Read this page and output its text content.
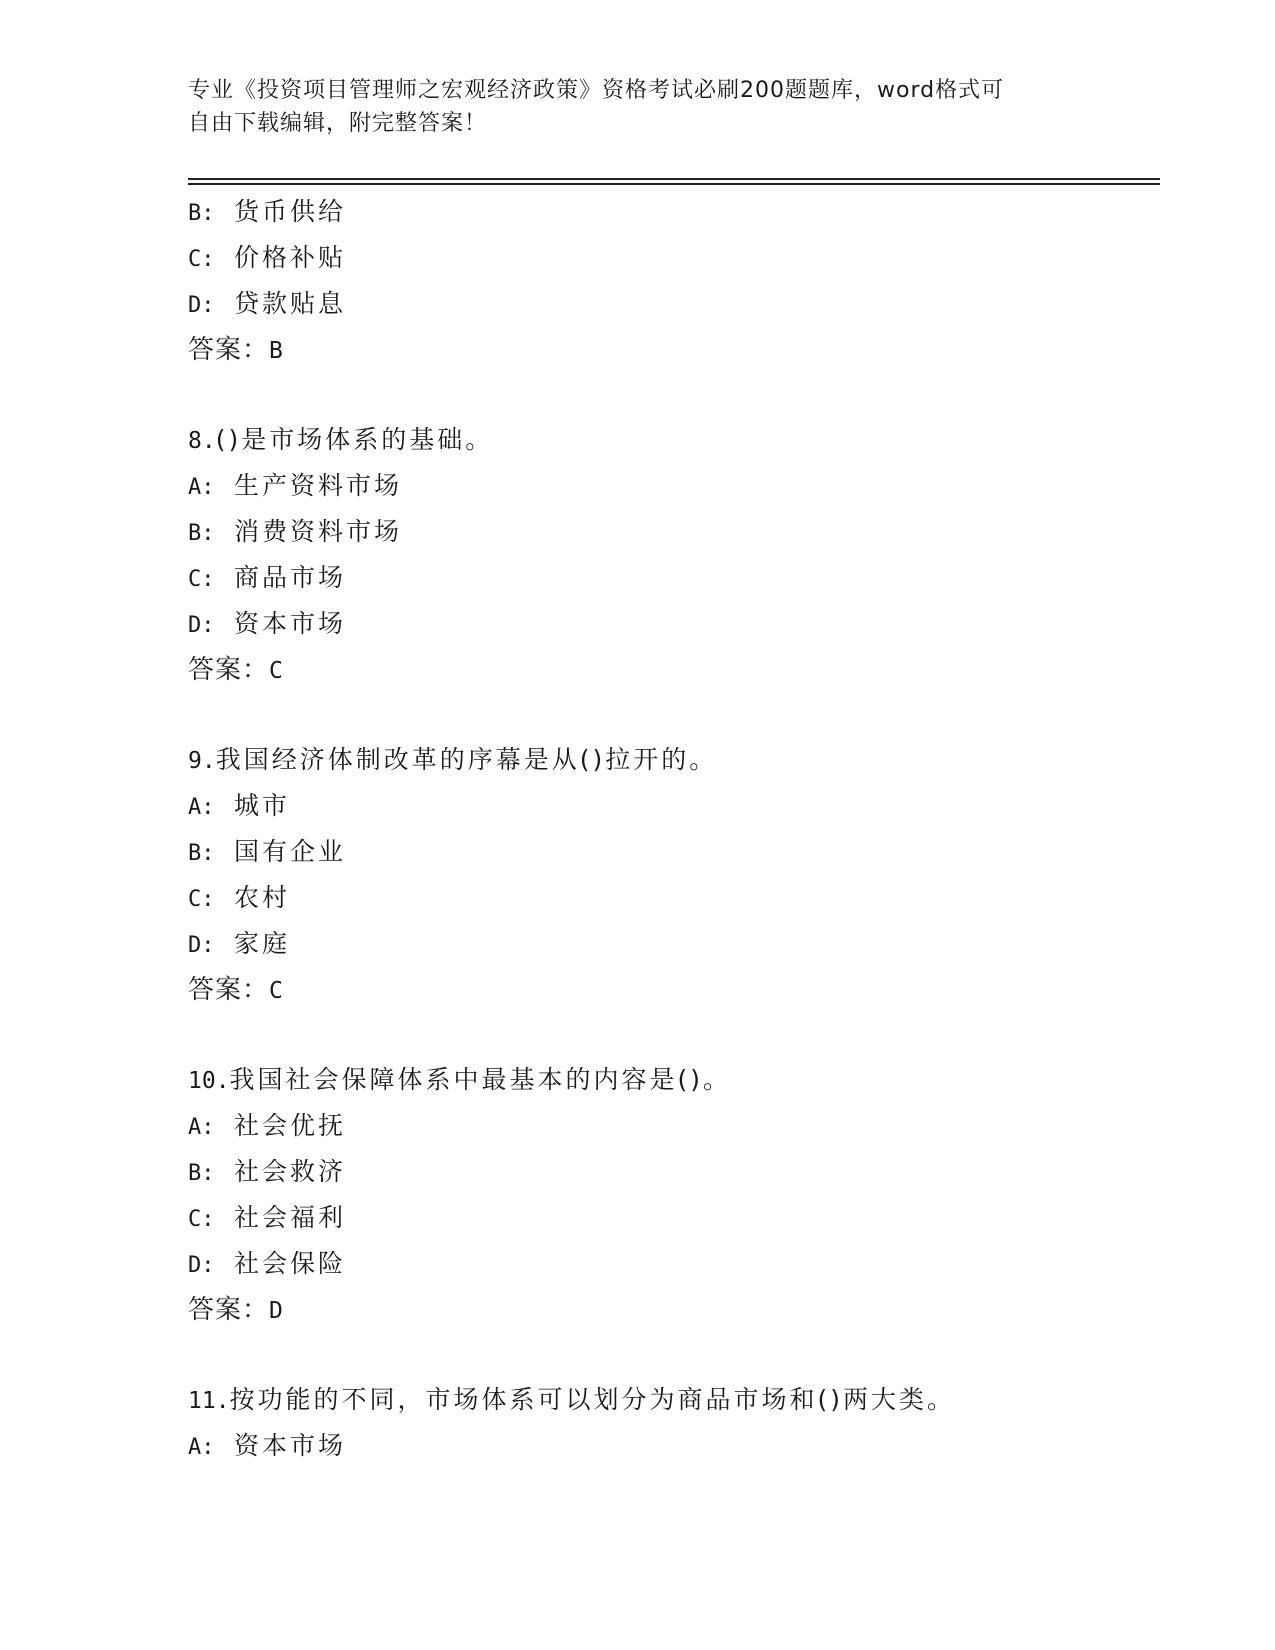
专业《投资项目管理师之宏观经济政策》资格考试必刷200题题库，word格式可
自由下载编辑，附完整答案！
B: 货币供给
C: 价格补贴
D: 贷款贴息
答案：B
8.()是市场体系的基础。
A: 生产资料市场
B: 消费资料市场
C: 商品市场
D: 资本市场
答案：C
9.我国经济体制改革的序幕是从()拉开的。
A: 城市
B: 国有企业
C: 农村
D: 家庭
答案：C
10.我国社会保障体系中最基本的内容是()。
A: 社会优抚
B: 社会救济
C: 社会福利
D: 社会保险
答案：D
11.按功能的不同，市场体系可以划分为商品市场和()两大类。
A: 资本市场
